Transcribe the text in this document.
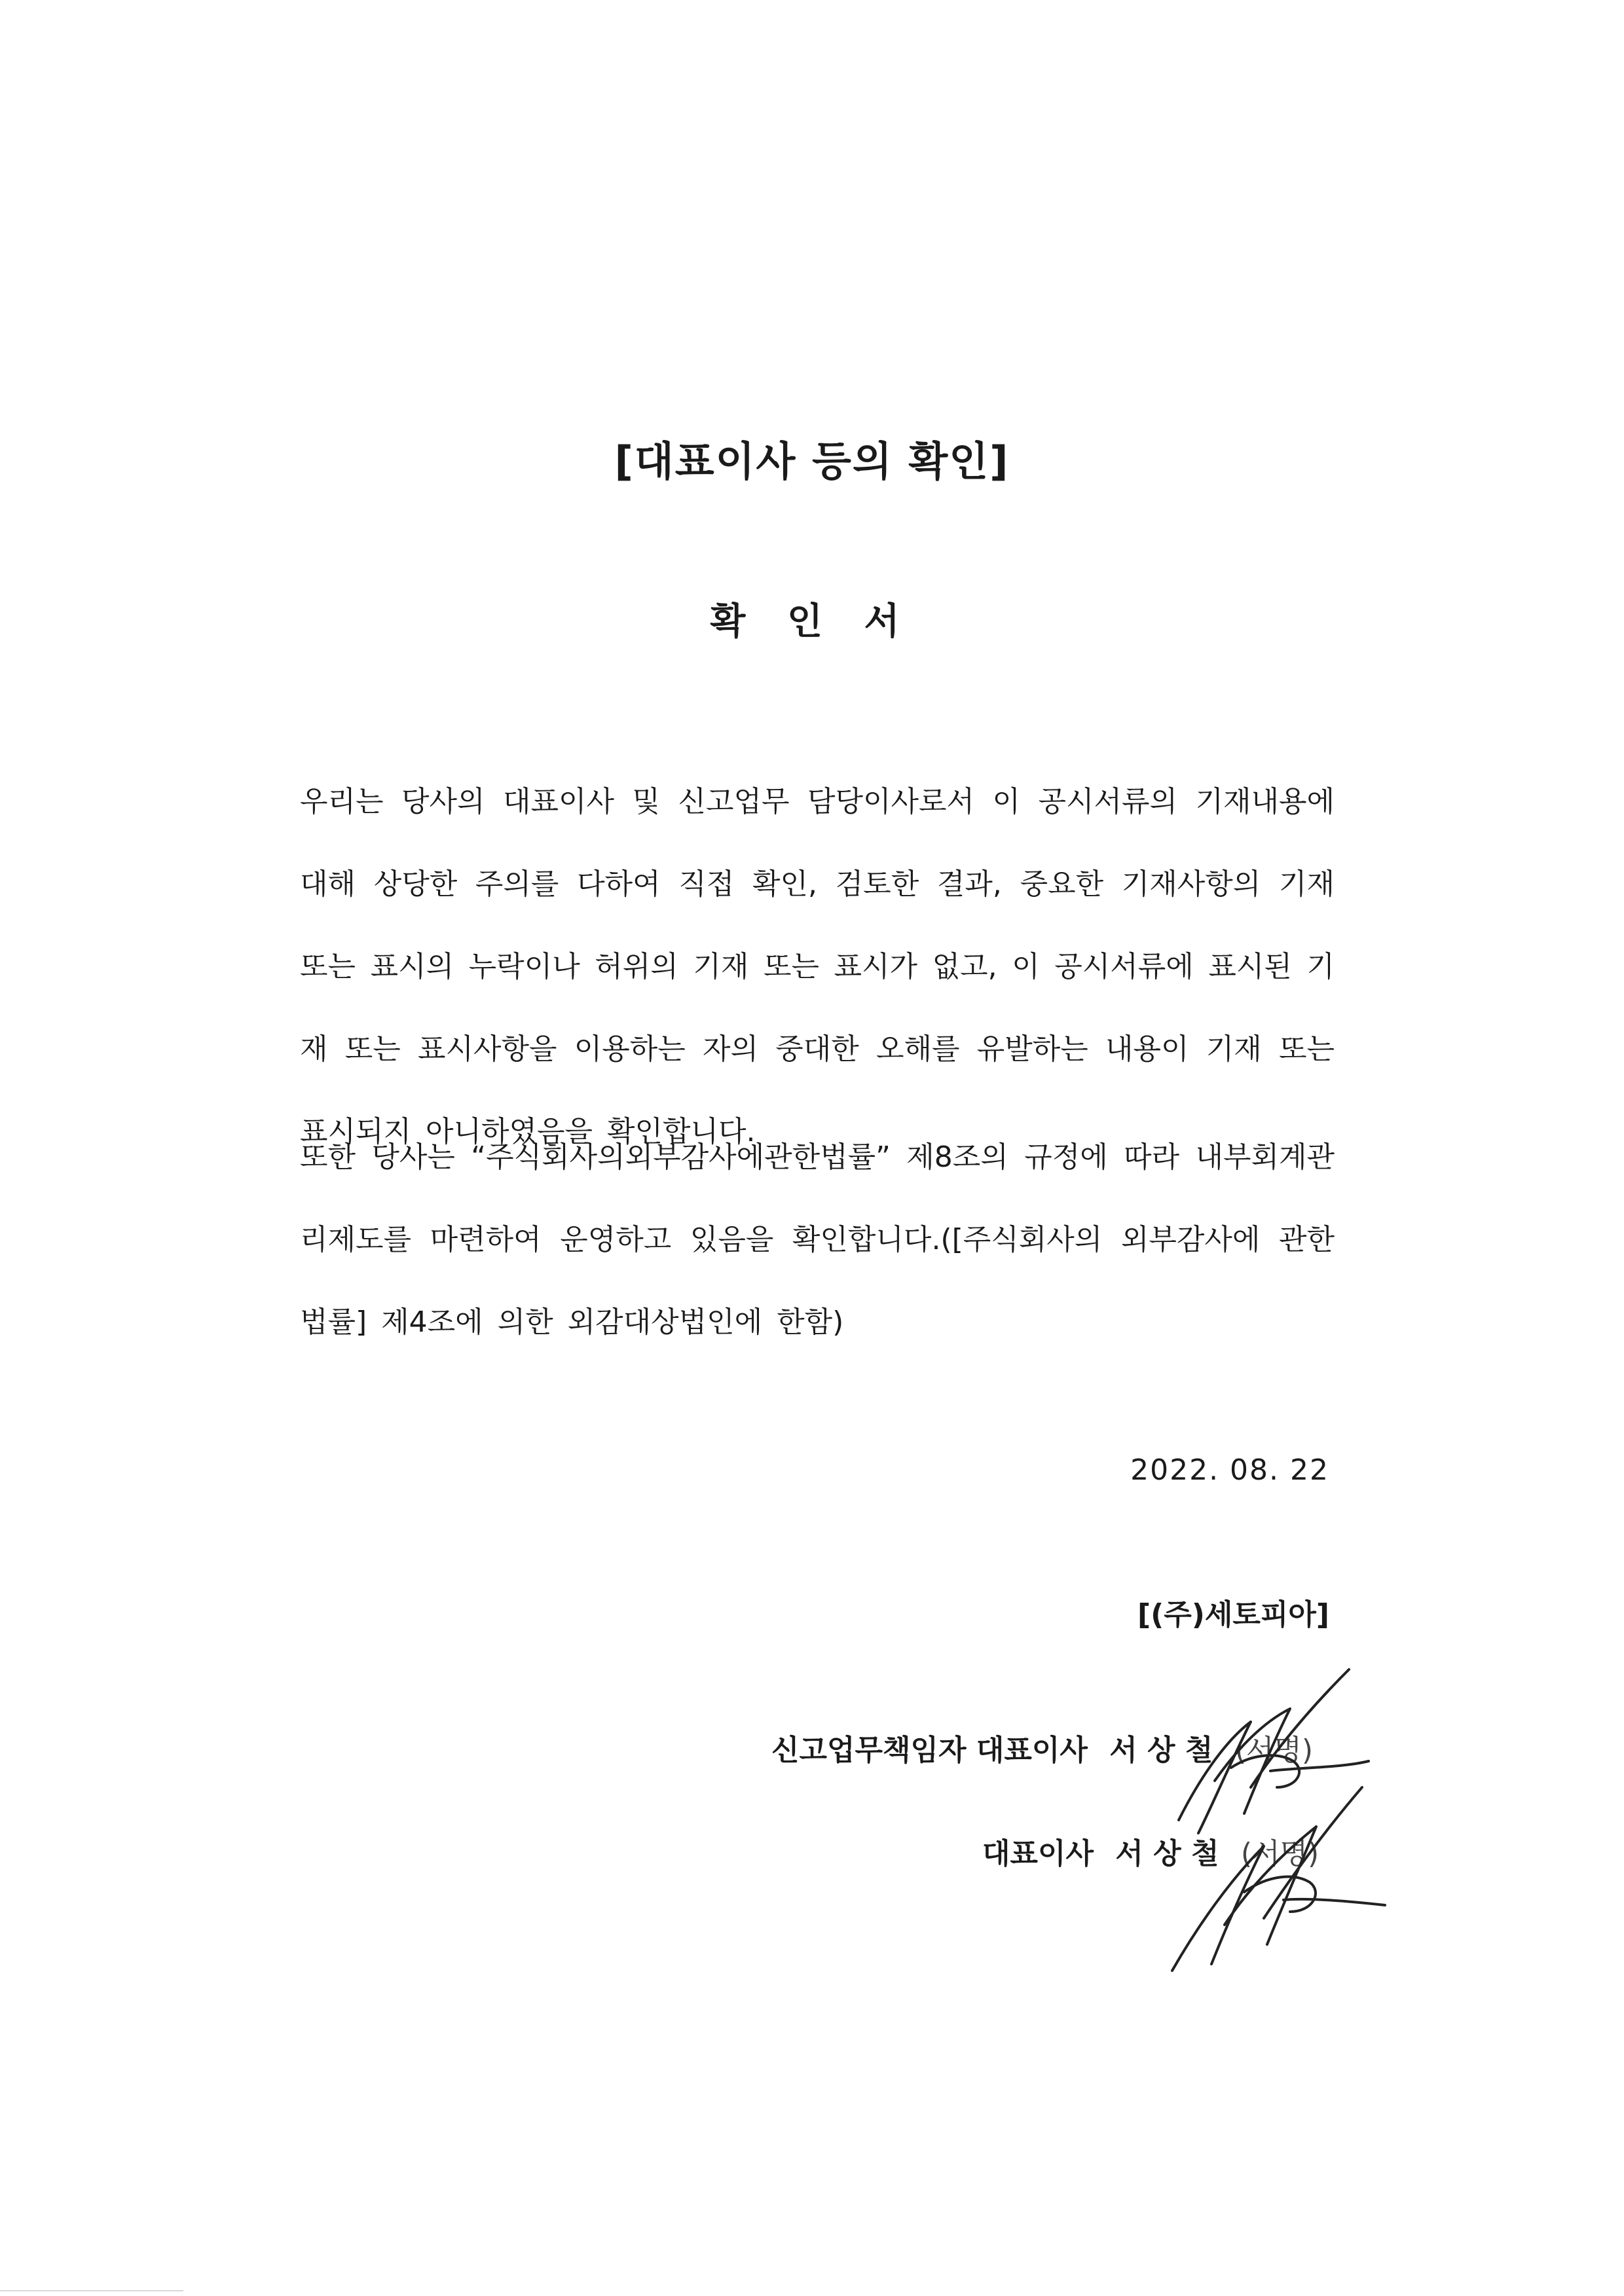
[대표이사 등의 확인]
확 인 서
우리는 당사의 대표이사 및 신고업무 담당이사로서 이 공시서류의 기재내용에 대해 상당한 주의를 다하여 직접 확인, 검토한 결과, 중요한 기재사항의 기재 또는 표시의 누락이나 허위의 기재 또는 표시가 없고, 이 공시서류에 표시된 기재 또는 표시사항을 이용하는 자의 중대한 오해를 유발하는 내용이 기재 또는 표시되지 아니하였음을 확인합니다.
또한 당사는 “주식회사의외부감사에관한법률” 제8조의 규정에 따라 내부회계관리제도를 마련하여 운영하고 있음을 확인합니다.([주식회사의 외부감사에 관한 법률] 제4조에 의한 외감대상법인에 한함)
2022. 08. 22
[(주)세토피아]
신고업무책임자 대표이사 서 상 철 (서명)
대표이사 서 상 철 (서명)
